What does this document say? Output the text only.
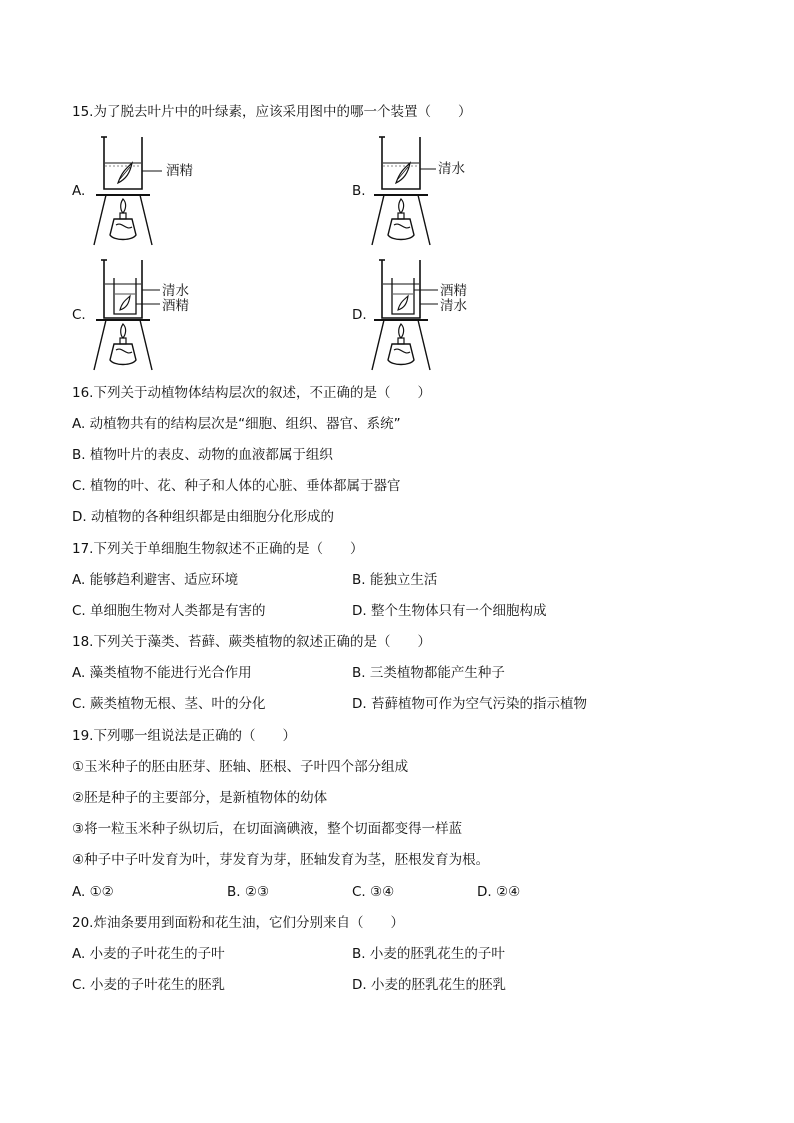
15.为了脱去叶片中的叶绿素，应该采用图中的哪一个装置（　　）
A.
酒精
B.
清水
C.
清水
酒精
D.
酒精
清水
16.下列关于动植物体结构层次的叙述，不正确的是（　　）
A. 动植物共有的结构层次是“细胞、组织、器官、系统”
B. 植物叶片的表皮、动物的血液都属于组织
C. 植物的叶、花、种子和人体的心脏、垂体都属于器官
D. 动植物的各种组织都是由细胞分化形成的
17.下列关于单细胞生物叙述不正确的是（　　）
A. 能够趋利避害、适应环境	B. 能独立生活
C. 单细胞生物对人类都是有害的	D. 整个生物体只有一个细胞构成
18.下列关于藻类、苔藓、蕨类植物的叙述正确的是（　　）
A. 藻类植物不能进行光合作用	B. 三类植物都能产生种子
C. 蕨类植物无根、茎、叶的分化	D. 苔藓植物可作为空气污染的指示植物
19.下列哪一组说法是正确的（　　）
①玉米种子的胚由胚芽、胚轴、胚根、子叶四个部分组成
②胚是种子的主要部分，是新植物体的幼体
③将一粒玉米种子纵切后，在切面滴碘液，整个切面都变得一样蓝
④种子中子叶发育为叶，芽发育为芽，胚轴发育为茎，胚根发育为根。
A. ①②	B. ②③	C. ③④	D. ②④
20.炸油条要用到面粉和花生油，它们分别来自（　　）
A. 小麦的子叶花生的子叶	B. 小麦的胚乳花生的子叶
C. 小麦的子叶花生的胚乳	D. 小麦的胚乳花生的胚乳
